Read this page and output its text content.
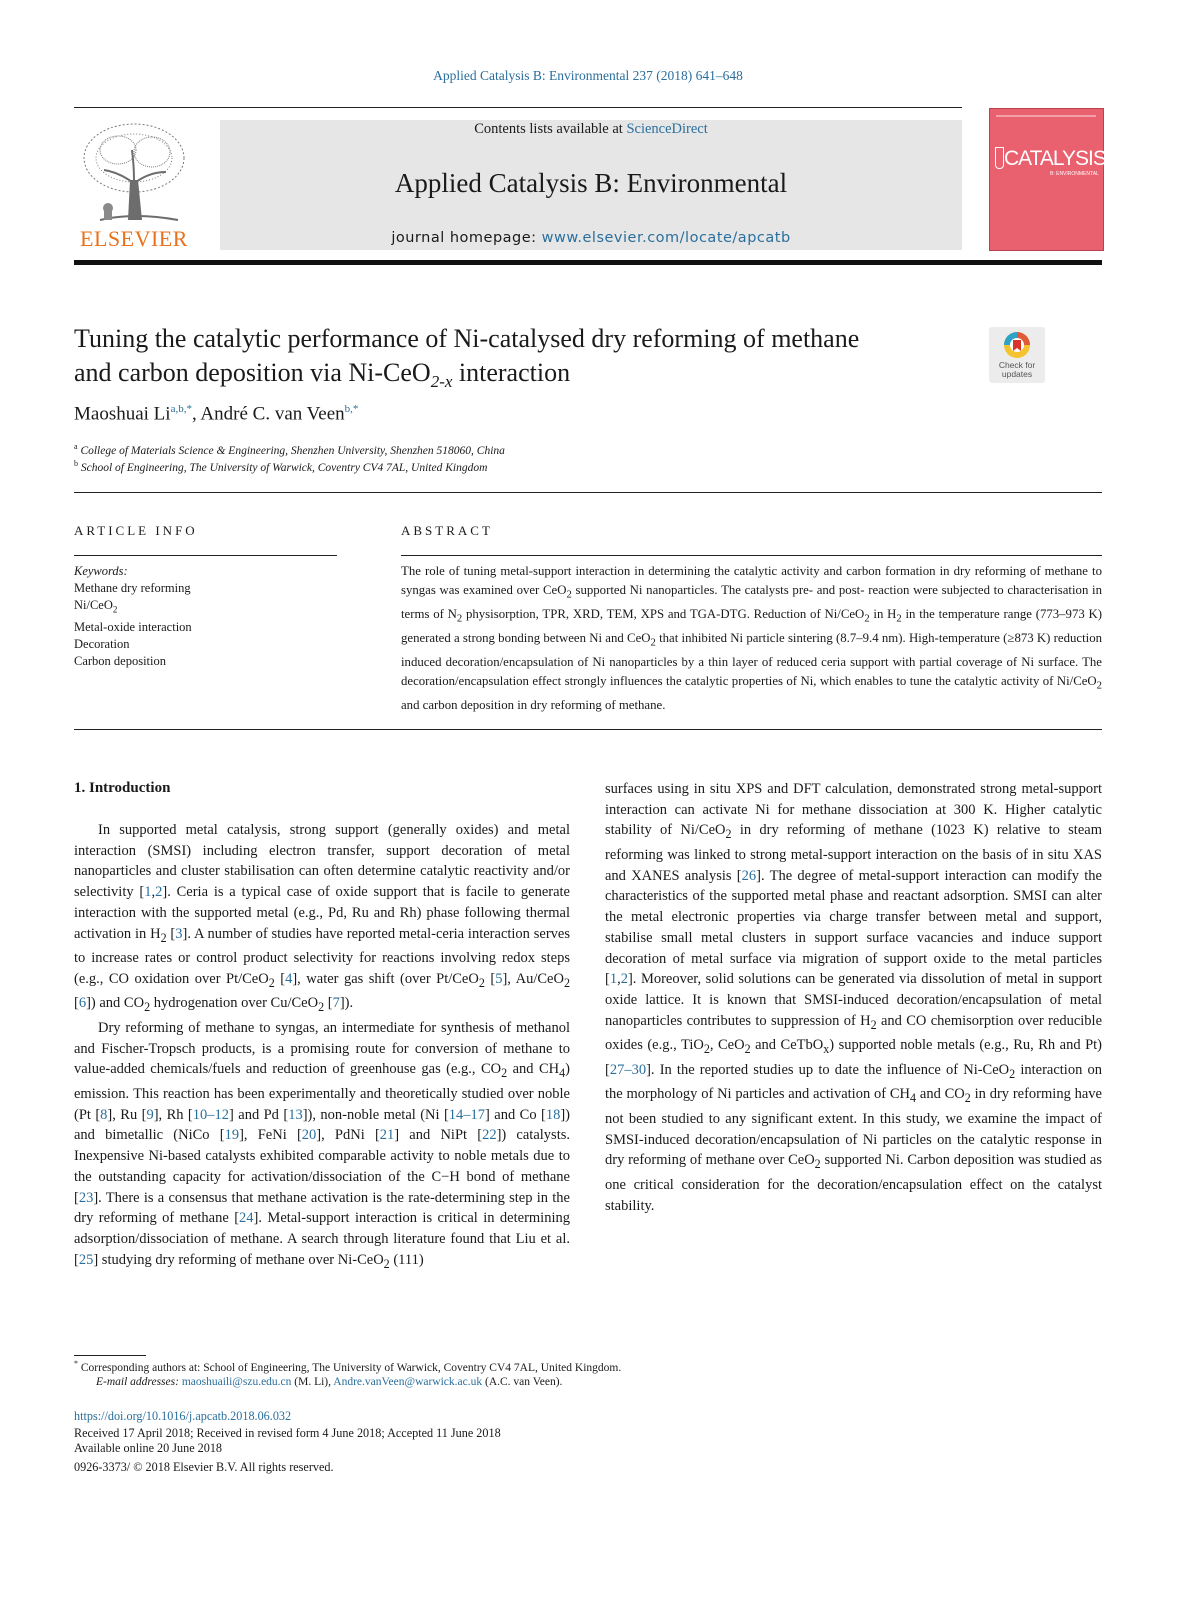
Applied Catalysis B: Environmental 237 (2018) 641–648
ELSEVIER
Contents lists available at ScienceDirect
Applied Catalysis B: Environmental
journal homepage: www.elsevier.com/locate/apcatb
CATALYSIS
B: ENVIRONMENTAL
Tuning the catalytic performance of Ni-catalysed dry reforming of methane
and carbon deposition via Ni-CeO$_{2-x}$ interaction	Check for updates
Maoshuai $Li^{a,b,*}$, André C. van Veen$^{b,*}$
$^a$ College of Materials Science & Engineering, Shenzhen University, Shenzhen 518060, China
$^b$ School of Engineering, The University of Warwick, Coventry CV4 7AL, United Kingdom
ARTICLE INFO
Keywords:
Methane dry reforming
Ni/CeO$_2$
Metal-oxide interaction
Decoration
Carbon deposition
ABSTRACT
The role of tuning metal-support interaction in determining the catalytic activity and carbon formation in dry reforming of methane to syngas was examined over CeO$_2$ supported Ni nanoparticles. The catalysts pre- and post- reaction were subjected to characterisation in terms of $N_2$ physisorption, TPR, XRD, TEM, XPS and TGA-DTG. Reduction of Ni/CeO$_2$ in $H_2$ in the temperature range (773–973 K) generated a strong bonding between Ni and CeO$_2$ that inhibited Ni particle sintering (8.7–9.4 nm). High-temperature (≥873 K) reduction induced decoration/encapsulation of Ni nanoparticles by a thin layer of reduced ceria support with partial coverage of Ni surface. The decoration/encapsulation effect strongly influences the catalytic properties of Ni, which enables to tune the catalytic activity of Ni/CeO$_2$ and carbon deposition in dry reforming of methane.
1. Introduction

In supported metal catalysis, strong support (generally oxides) and metal interaction (SMSI) including electron transfer, support decoration of metal nanoparticles and cluster stabilisation can often determine catalytic reactivity and/or selectivity [1,2]. Ceria is a typical case of oxide support that is facile to generate interaction with the supported metal (e.g., Pd, Ru and Rh) phase following thermal activation in $H_2$ [3]. A number of studies have reported metal-ceria interaction serves to increase rates or control product selectivity for reactions involving redox steps (e.g., CO oxidation over Pt/CeO$_2$ [4], water gas shift (over Pt/CeO$_2$ [5], Au/CeO$_2$ [6]) and $CO_2$ hydrogenation over Cu/CeO$_2$ [7]).

Dry reforming of methane to syngas, an intermediate for synthesis of methanol and Fischer-Tropsch products, is a promising route for conversion of methane to value-added chemicals/fuels and reduction of greenhouse gas (e.g., $CO_2$ and $CH_4$) emission. This reaction has been experimentally and theoretically studied over noble (Pt [8], Ru [9], Rh [10–12] and Pd [13]), non-noble metal (Ni [14–17] and Co [18]) and bimetallic (NiCo [19], FeNi [20], PdNi [21] and NiPt [22]) catalysts. Inexpensive Ni-based catalysts exhibited comparable activity to noble metals due to the outstanding capacity for activation/dissociation of the C−H bond of methane [23]. There is a consensus that methane activation is the rate-determining step in the dry reforming of methane [24]. Metal-support interaction is critical in determining adsorption/dissociation of methane. A search through literature found that Liu et al. [25] studying dry reforming of methane over Ni-CeO$_2$ (111)

surfaces using in situ XPS and DFT calculation, demonstrated strong metal-support interaction can activate Ni for methane dissociation at 300 K. Higher catalytic stability of Ni/CeO$_2$ in dry reforming of methane (1023 K) relative to steam reforming was linked to strong metal-support interaction on the basis of in situ XAS and XANES analysis [26]. The degree of metal-support interaction can modify the characteristics of the supported metal phase and reactant adsorption. SMSI can alter the metal electronic properties via charge transfer between metal and support, stabilise small metal clusters in support surface vacancies and induce support decoration of metal surface via migration of support oxide to the metal particles [1,2]. Moreover, solid solutions can be generated via dissolution of metal in support oxide lattice. It is known that SMSI-induced decoration/encapsulation of metal nanoparticles contributes to suppression of $H_2$ and CO chemisorption over reducible oxides (e.g., TiO$_2$, CeO$_2$ and CeTbO$_x$) supported noble metals (e.g., Ru, Rh and Pt) [27–30]. In the reported studies up to date the influence of Ni-CeO$_2$ interaction on the morphology of Ni particles and activation of $CH_4$ and $CO_2$ in dry reforming have not been studied to any significant extent. In this study, we examine the impact of SMSI-induced decoration/encapsulation of Ni particles on the catalytic response in dry reforming of methane over CeO$_2$ supported Ni. Carbon deposition was studied as one critical consideration for the decoration/encapsulation effect on the catalyst stability.

* Corresponding authors at: School of Engineering, The University of Warwick, Coventry CV4 7AL, United Kingdom.
E-mail addresses: maoshuaili@szu.edu.cn (M. Li), Andre.vanVeen@warwick.ac.uk (A.C. van Veen).
https://doi.org/10.1016/j.apcatb.2018.06.032
Received 17 April 2018; Received in revised form 4 June 2018; Accepted 11 June 2018
Available online 20 June 2018
0926-3373/ © 2018 Elsevier B.V. All rights reserved.
